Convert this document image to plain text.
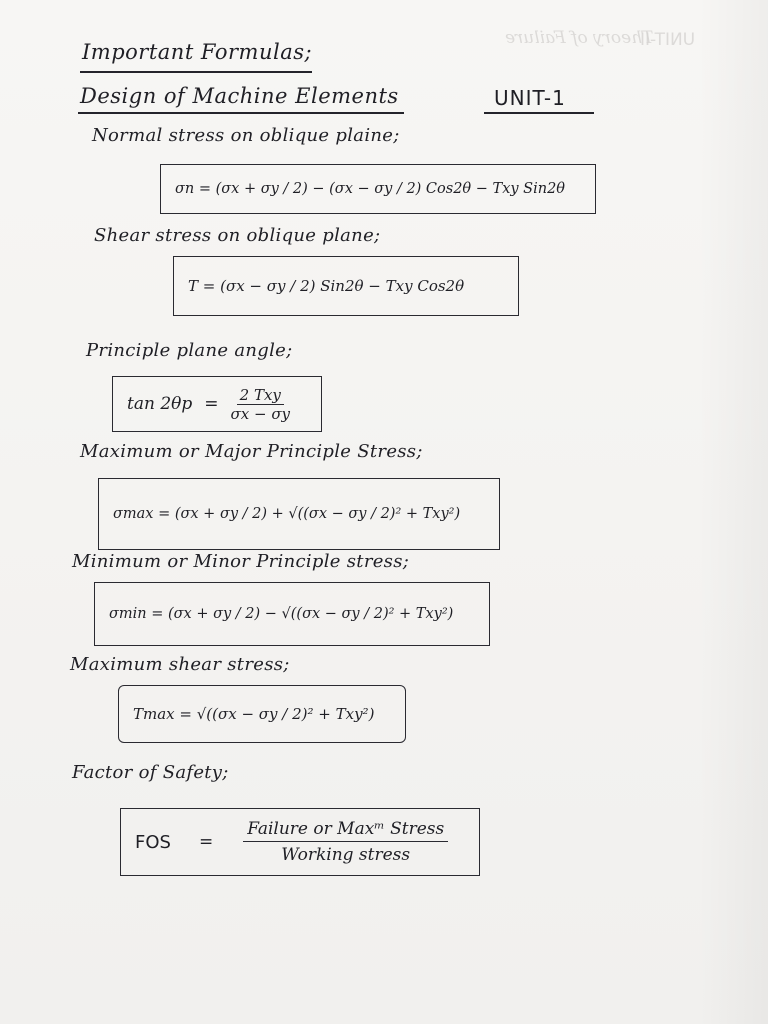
Theory of Failure
UNIT-II
Important Formulas;
Design of Machine Elements	UNIT-1
Normal stress on oblique plaine;
σn = (σx + σy / 2) − (σx − σy / 2) Cos2θ − Txy Sin2θ
Shear stress on oblique plane;
T = (σx − σy / 2) Sin2θ − Txy Cos2θ
Principle plane angle;
tan 2θp = 2 Txy
σx − σy
Maximum or Major Principle Stress;
σmax = (σx + σy / 2) + √((σx − σy / 2)² + Txy²)
Minimum or Minor Principle stress;
σmin = (σx + σy / 2) − √((σx − σy / 2)² + Txy²)
Maximum shear stress;
Tmax = √((σx − σy / 2)² + Txy²)
Factor of Safety;
FOS = $\frac{\text{Failure or Maxᵐ Stress}}{\text{Working stress}}$
